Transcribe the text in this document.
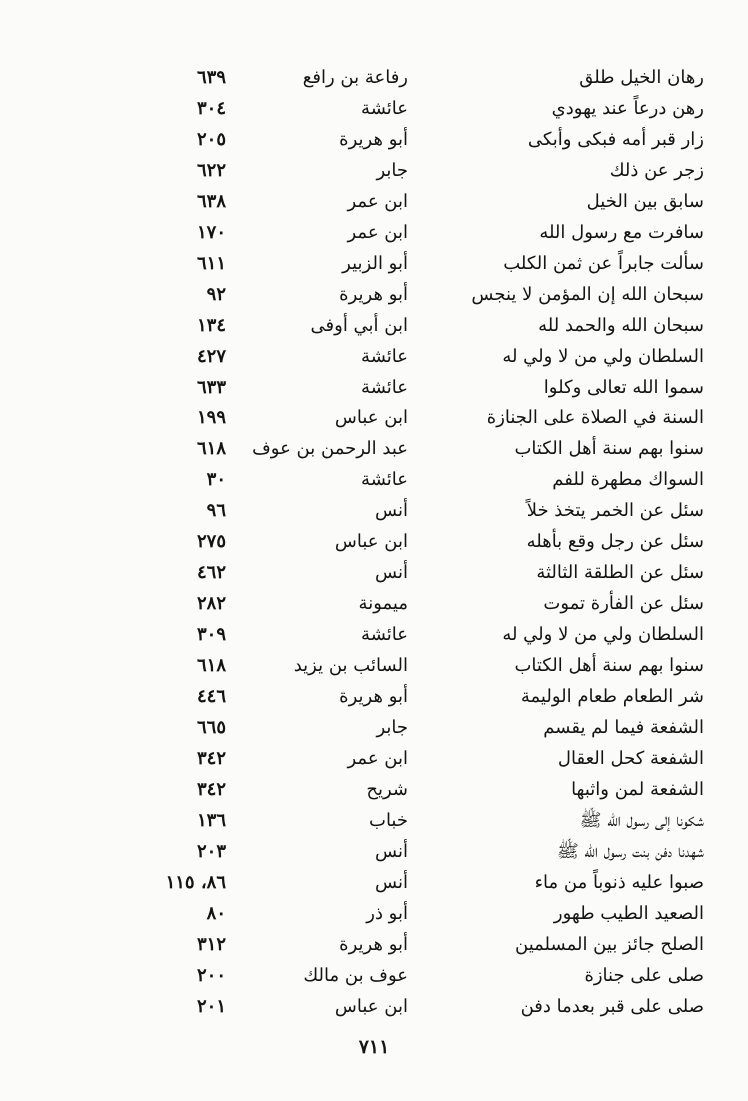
رهان الخيل طلق
رفاعة بن رافع
٦٣٩
رهن درعاً عند يهودي
عائشة
٣٠٤
زار قبر أمه فبكى وأبكى
أبو هريرة
٢٠٥
زجر عن ذلك
جابر
٦٢٢
سابق بين الخيل
ابن عمر
٦٣٨
سافرت مع رسول الله
ابن عمر
١٧٠
سألت جابراً عن ثمن الكلب
أبو الزبير
٦١١
سبحان الله إن المؤمن لا ينجس
أبو هريرة
٩٢
سبحان الله والحمد لله
ابن أبي أوفى
١٣٤
السلطان ولي من لا ولي له
عائشة
٤٢٧
سموا الله تعالى وكلوا
عائشة
٦٣٣
السنة في الصلاة على الجنازة
ابن عباس
١٩٩
سنوا بهم سنة أهل الكتاب
عبد الرحمن بن عوف
٦١٨
السواك مطهرة للفم
عائشة
٣٠
سئل عن الخمر يتخذ خلاً
أنس
٩٦
سئل عن رجل وقع بأهله
ابن عباس
٢٧٥
سئل عن الطلقة الثالثة
أنس
٤٦٢
سئل عن الفأرة تموت
ميمونة
٢٨٢
السلطان ولي من لا ولي له
عائشة
٣٠٩
سنوا بهم سنة أهل الكتاب
السائب بن يزيد
٦١٨
شر الطعام طعام الوليمة
أبو هريرة
٤٤٦
الشفعة فيما لم يقسم
جابر
٦٦٥
الشفعة كحل العقال
ابن عمر
٣٤٢
الشفعة لمن واثبها
شريح
٣٤٢
شكونا إلى رسول الله ﷺ
خباب
١٣٦
شهدنا دفن بنت رسول الله ﷺ
أنس
٢٠٣
صبوا عليه ذنوباً من ماء
أنس
٨٦، ١١٥
الصعيد الطيب طهور
أبو ذر
٨٠
الصلح جائز بين المسلمين
أبو هريرة
٣١٢
صلى على جنازة
عوف بن مالك
٢٠٠
صلى على قبر بعدما دفن
ابن عباس
٢٠١
٧١١
